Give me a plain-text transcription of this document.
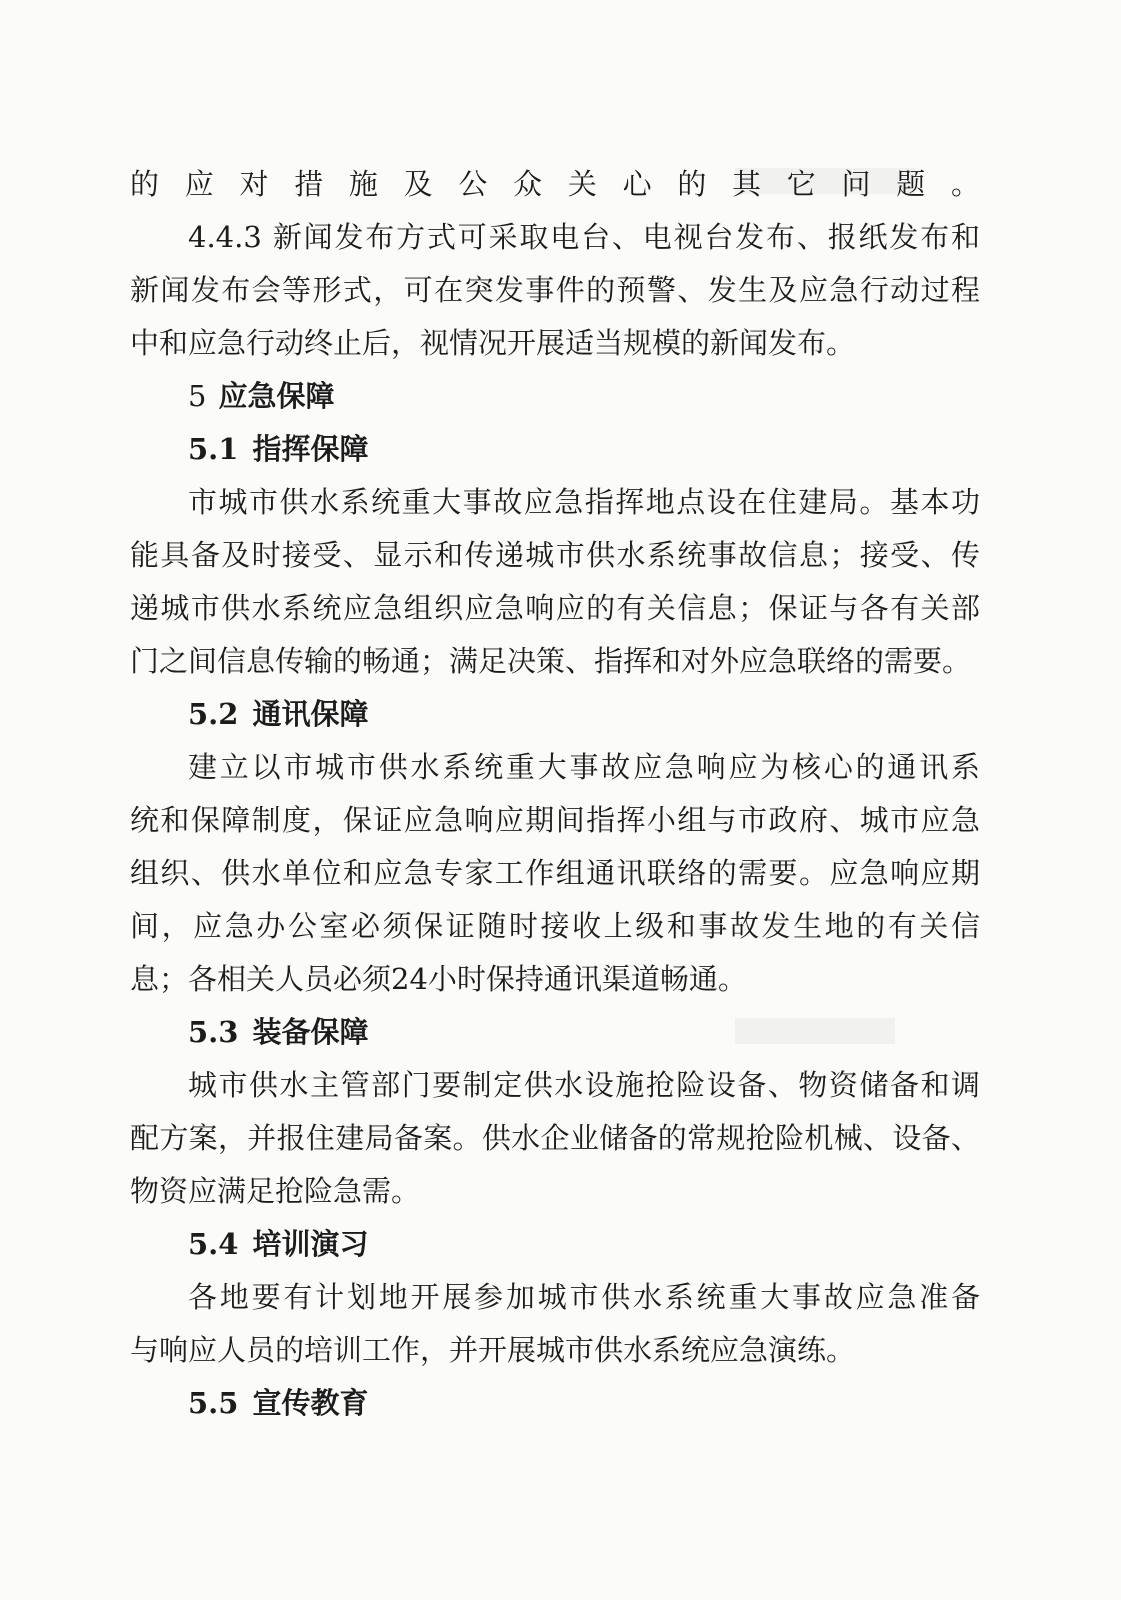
的应对措施及公众关心的其它问题。
4.4.3 新闻发布方式可采取电台、电视台发布、报纸发布和
新闻发布会等形式，可在突发事件的预警、发生及应急行动过程
中和应急行动终止后，视情况开展适当规模的新闻发布。
5 应急保障
5.1 指挥保障
市城市供水系统重大事故应急指挥地点设在住建局。基本功
能具备及时接受、显示和传递城市供水系统事故信息；接受、传
递城市供水系统应急组织应急响应的有关信息；保证与各有关部
门之间信息传输的畅通；满足决策、指挥和对外应急联络的需要。
5.2 通讯保障
建立以市城市供水系统重大事故应急响应为核心的通讯系
统和保障制度，保证应急响应期间指挥小组与市政府、城市应急
组织、供水单位和应急专家工作组通讯联络的需要。应急响应期
间，应急办公室必须保证随时接收上级和事故发生地的有关信
息；各相关人员必须24小时保持通讯渠道畅通。
5.3 装备保障
城市供水主管部门要制定供水设施抢险设备、物资储备和调
配方案，并报住建局备案。供水企业储备的常规抢险机械、设备、
物资应满足抢险急需。
5.4 培训演习
各地要有计划地开展参加城市供水系统重大事故应急准备
与响应人员的培训工作，并开展城市供水系统应急演练。
5.5 宣传教育
